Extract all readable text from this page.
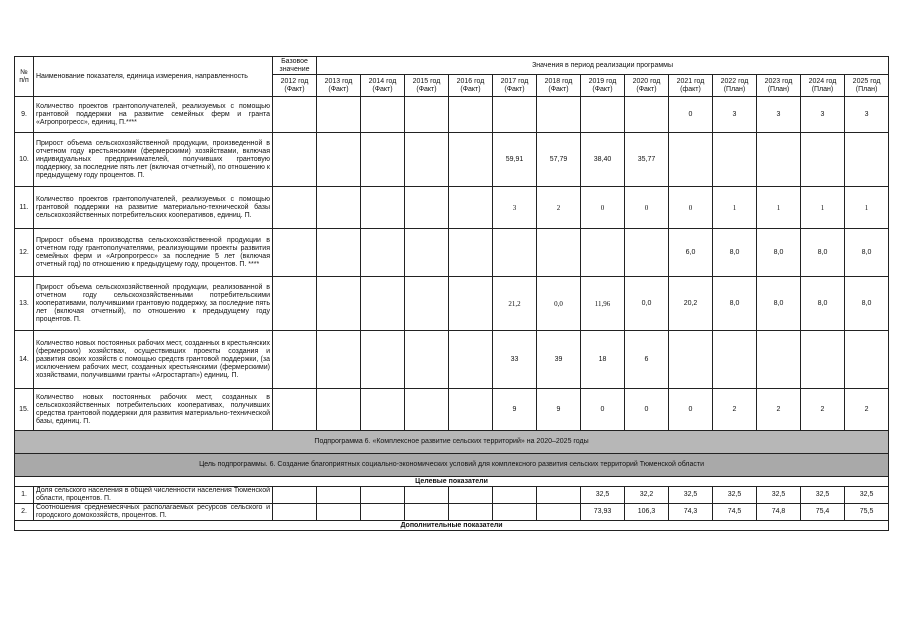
№ п/п	Наименование показателя, единица измерения, направленность	Базовое значение	Значения в период реализации программы												
		2012 год (Факт)	2013 год (Факт)	2014 год (Факт)	2015 год (Факт)	2016 год (Факт)	2017 год (Факт)	2018 год (Факт)	2019 год (Факт)	2020 год (Факт)	2021 год (факт)	2022 год (План)	2023 год (План)	2024 год (План)	2025 год (План)
9.	Количество проектов грантополучателей, реализуемых с помощью грантовой поддержки на развитие семейных ферм и гранта «Агропрогресс», единиц, П.****										0	3	3	3	3
10.	Прирост объема сельскохозяйственной продукции, произведенной в отчетном году крестьянскими (фермерскими) хозяйствами, включая индивидуальных предпринимателей, получивших грантовую поддержку, за последние пять лет (включая отчетный), по отношению к предыдущему году процентов. П.						59,91	57,79	38,40	35,77					
11.	Количество проектов грантополучателей, реализуемых с помощью грантовой поддержки на развитие материально-технической базы сельскохозяйственных потребительских кооперативов, единиц. П.						3	2	0	0	0	1	1	1	1
12.	Прирост объема производства сельскохозяйственной продукции в отчетном году грантополучателями, реализующими проекты развития семейных ферм и «Агропрогресс» за последние 5 лет (включая отчетный год) по отношению к предыдущему году, процентов. П. ****										6,0	8,0	8,0	8,0	8,0
13.	Прирост объема сельскохозяйственной продукции, реализованной в отчетном году сельскохозяйственными потребительскими кооперативами, получившими грантовую поддержку, за последние пять лет (включая отчетный), по отношению к предыдущему году процентов. П.						21,2	0,0	11,96	0,0	20,2	8,0	8,0	8,0	8,0
14.	Количество новых постоянных рабочих мест, созданных в крестьянских (фермерских) хозяйствах, осуществивших проекты создания и развития своих хозяйств с помощью средств грантовой поддержки, (за исключением рабочих мест, созданных крестьянскими (фермерскими) хозяйствами, получившими гранты «Агростартап») единиц. П.						33	39	18	6					
15.	Количество новых постоянных рабочих мест, созданных в сельскохозяйственных потребительских кооперативах, получивших средства грантовой поддержки для развития материально-технической базы, единиц. П.						9	9	0	0	0	2	2	2	2
Подпрограмма 6. «Комплексное развитие сельских территорий» на 2020–2025 годы															
Цель подпрограммы. 6. Создание благоприятных социально-экономических условий для комплексного развития сельских территорий Тюменской области															
Целевые показатели															
1.	Доля сельского населения в общей численности населения Тюменской области, процентов. П.								32,5	32,2	32,5	32,5	32,5	32,5	32,5
2.	Соотношения среднемесячных располагаемых ресурсов сельского и городского домохозяйств, процентов. П.								73,93	106,3	74,3	74,5	74,8	75,4	75,5
Дополнительные показатели															
